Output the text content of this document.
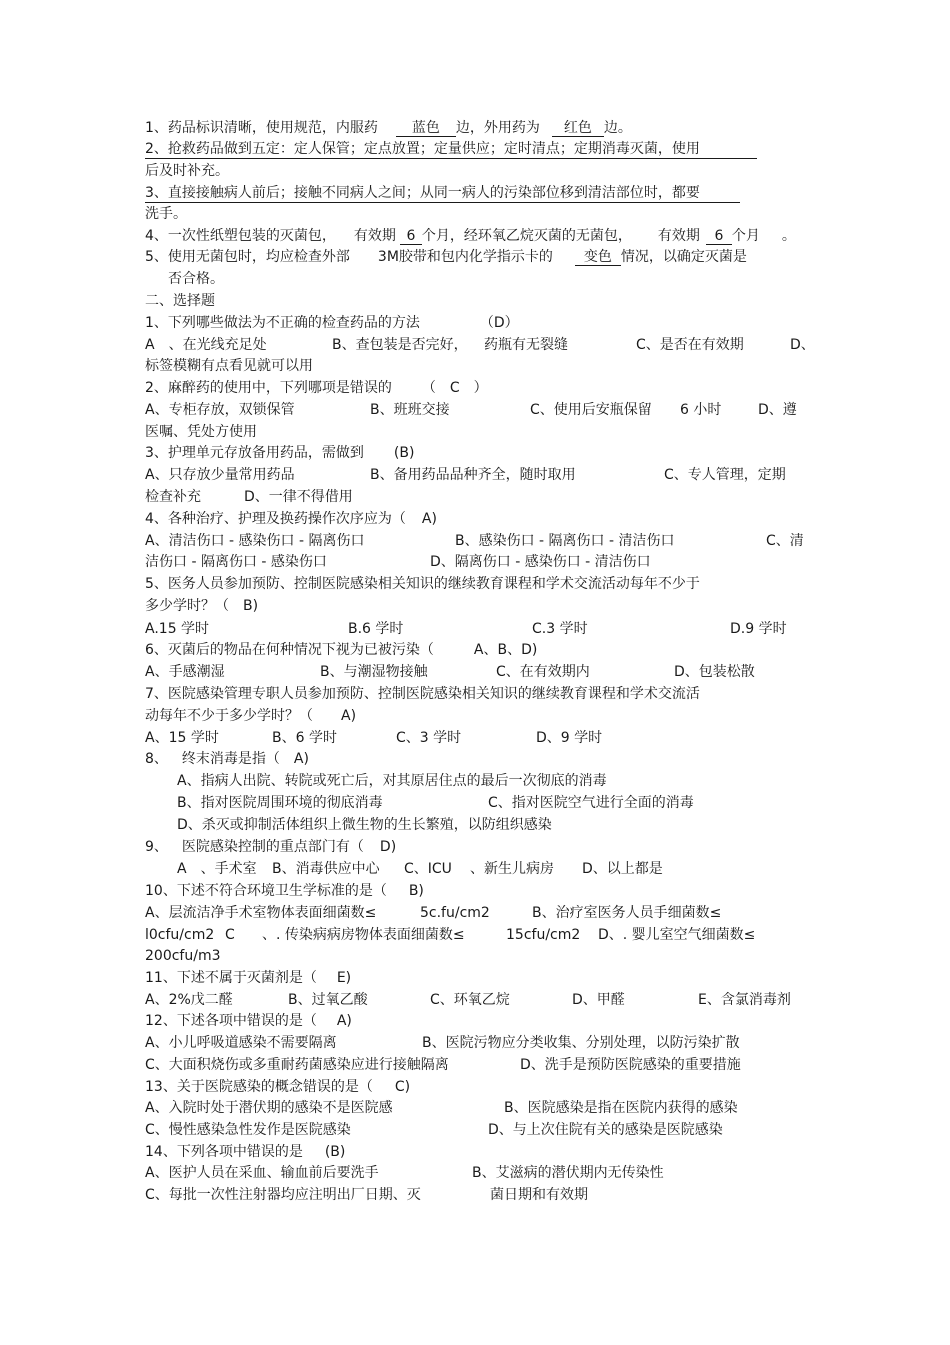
1、药品标识清晰，使用规范，内服药 蓝色 边，外用药为 红色 边。
2、抢救药品做到五定：定人保管；定点放置；定量供应；定时清点；定期消毒灭菌，使用
后及时补充。
3、直接接触病人前后；接触不同病人之间；从同一病人的污染部位移到清洁部位时，都要
洗手。
4、一次性纸塑包装的灭菌包， 有效期 6 个月，经环氧乙烷灭菌的无菌包， 有效期 6 个月 。
5、使用无菌包时，均应检查外部 3M胶带和包内化学指示卡的 变色 情况，以确定灭菌是
否合格。
二、选择题
1、下列哪些做法为不正确的检查药品的方法	（D）
A　、在光线充足处	B、查包装是否完好， 药瓶有无裂缝	C、是否在有效期	D、
标签模糊有点看见就可以用
2、麻醉药的使用中，下列哪项是错误的 （　C　）
A、专柜存放，双锁保管	B、班班交接	C、使用后安瓶保留 6 小时	D、遵
医嘱、凭处方使用
3、护理单元存放备用药品，需做到 (B)
A、只存放少量常用药品	B、备用药品品种齐全，随时取用	C、专人管理，定期
检查补充	D、一律不得借用
4、各种治疗、护理及换药操作次序应为（ A)
A、清洁伤口 - 感染伤口 - 隔离伤口	B、感染伤口 - 隔离伤口 - 清洁伤口	C、清
洁伤口 - 隔离伤口 - 感染伤口	D、隔离伤口 - 感染伤口 - 清洁伤口
5、医务人员参加预防、控制医院感染相关知识的继续教育课程和学术交流活动每年不少于
多少学时？（　B)
A.15 学时	B.6 学时	C.3 学时	D.9 学时
6、灭菌后的物品在何种情况下视为已被污染（	A、B、D)
A、手感潮湿	B、与潮湿物接触	C、在有效期内	D、包装松散
7、医院感染管理专职人员参加预防、控制医院感染相关知识的继续教育课程和学术交流活
动每年不少于多少学时？（　　A)
A、15 学时	B、6 学时	C、3 学时	D、9 学时
8、 终末消毒是指（　A)
A、指病人出院、转院或死亡后，对其原居住点的最后一次彻底的消毒
B、指对医院周围环境的彻底消毒	C、指对医院空气进行全面的消毒
D、杀灭或抑制活体组织上微生物的生长繁殖，以防组织感染
9、 医院感染控制的重点部门有（ D)
A　、手术室 B、消毒供应中心 C、ICU 、新生儿病房 D、以上都是
10、下述不符合环境卫生学标准的是（ B)
A、层流洁净手术室物体表面细菌数≤	5c.fu/cm2	B、治疗室医务人员手细菌数≤
l0cfu/cm2 C 、. 传染病病房物体表面细菌数≤	15cfu/cm2 D、. 婴儿室空气细菌数≤
200cfu/m3
11、下述不属于灭菌剂是（ E)
A、2%戊二醛	B、过氧乙酸	C、环氧乙烷	D、甲醛	E、含氯消毒剂
12、下述各项中错误的是（ A)
A、小儿呼吸道感染不需要隔离	B、医院污物应分类收集、分别处理，以防污染扩散
C、大面积烧伤或多重耐药菌感染应进行接触隔离	D、洗手是预防医院感染的重要措施
13、关于医院感染的概念错误的是（ C)
A、入院时处于潜伏期的感染不是医院感	B、医院感染是指在医院内获得的感染
C、慢性感染急性发作是医院感染	D、与上次住院有关的感染是医院感染
14、下列各项中错误的是 (B)
A、医护人员在采血、输血前后要洗手	B、艾滋病的潜伏期内无传染性
C、每批一次性注射器均应注明出厂日期、灭	菌日期和有效期
